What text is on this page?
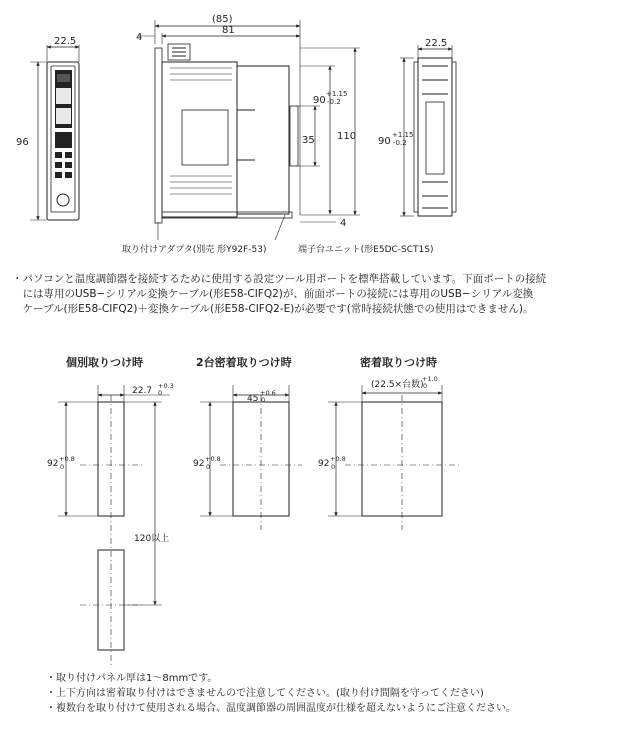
22.5
96
(85)
81
4
110
35
90
+1.15
-0.2
4
取り付けアダプタ(別売 形Y92F-53)	端子台ユニット(形E5DC-SCT1S)
22.5
90
+1.15
-0.2
個別取りつけ時
22.7 +0.3
0
92 +0.8
0
120以上
2台密着取りつけ時
45
+0.6
0
92 +0.8
0
密着取りつけ時
(22.5×台数)
+1.0
0
92 +0.8
0
・パソコンと温度調節器を接続するために使用する設定ツール用ポートを標準搭載しています。下面ポートの接続
　には専用のUSB−シリアル変換ケーブル(形E58-CIFQ2)が、前面ポートの接続には専用のUSB−シリアル変換
　ケーブル(形E58-CIFQ2)＋変換ケーブル(形E58-CIFQ2-E)が必要です(常時接続状態での使用はできません)。
・取り付けパネル厚は1〜8mmです。
・上下方向は密着取り付けはできませんので注意してください。(取り付け間隔を守ってください)
・複数台を取り付けて使用される場合、温度調節器の周囲温度が仕様を超えないようにご注意ください。
